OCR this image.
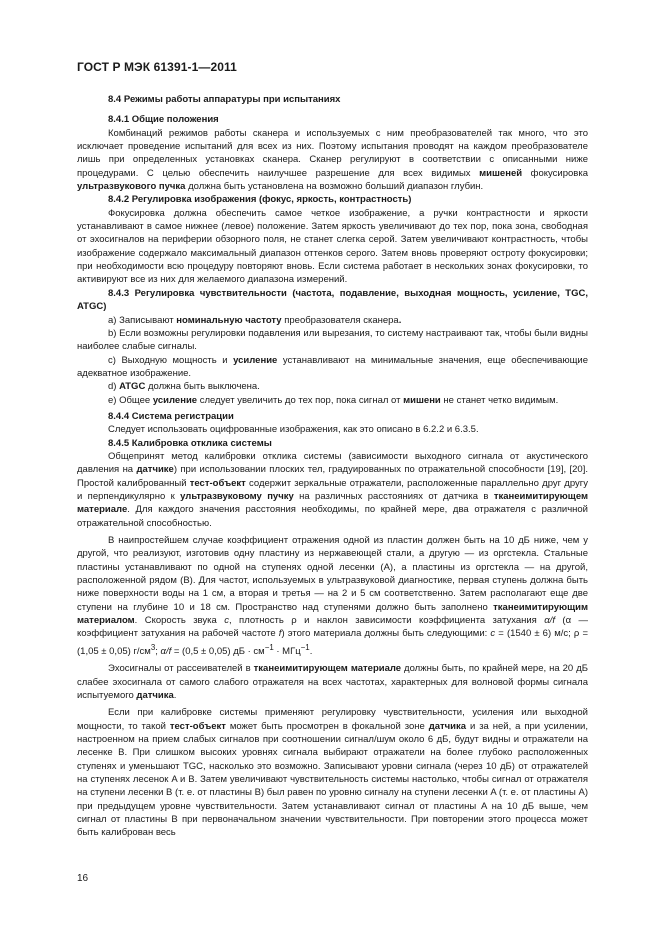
ГОСТ Р МЭК 61391-1—2011

8.4 Режимы работы аппаратуры при испытаниях

8.4.1 Общие положения

Комбинаций режимов работы сканера и используемых с ним преобразователей так много, что это исключает проведение испытаний для всех из них. Поэтому испытания проводят на каждом преобразователе лишь при определенных установках сканера. Сканер регулируют в соответствии с описанными ниже процедурами. С целью обеспечить наилучшее разрешение для всех видимых мишеней фокусировка ультразвукового пучка должна быть установлена на возможно больший диапазон глубин.

8.4.2 Регулировка изображения (фокус, яркость, контрастность)

Фокусировка должна обеспечить самое четкое изображение, а ручки контрастности и яркости устанавливают в самое нижнее (левое) положение. Затем яркость увеличивают до тех пор, пока зона, свободная от эхосигналов на периферии обзорного поля, не станет слегка серой. Затем увеличивают контрастность, чтобы изображение содержало максимальный диапазон оттенков серого. Затем вновь проверяют остроту фокусировки; при необходимости всю процедуру повторяют вновь. Если система работает в нескольких зонах фокусировки, то активируют все из них для желаемого диапазона измерений.

8.4.3 Регулировка чувствительности (частота, подавление, выходная мощность, усиление, TGC, ATGC)

a) Записывают номинальную частоту преобразователя сканера.

b) Если возможны регулировки подавления или вырезания, то систему настраивают так, чтобы были видны наиболее слабые сигналы.

c) Выходную мощность и усиление устанавливают на минимальные значения, еще обеспечивающие адекватное изображение.

d) ATGC должна быть выключена.

e) Общее усиление следует увеличить до тех пор, пока сигнал от мишени не станет четко видимым.

8.4.4 Система регистрации

Следует использовать оцифрованные изображения, как это описано в 6.2.2 и 6.3.5.

8.4.5 Калибровка отклика системы

Общепринят метод калибровки отклика системы (зависимости выходного сигнала от акустического давления на датчике) при использовании плоских тел, градуированных по отражательной способности [19], [20]. Простой калиброванный тест-объект содержит зеркальные отражатели, расположенные параллельно друг другу и перпендикулярно к ультразвуковому пучку на различных расстояниях от датчика в тканеимитирующем материале. Для каждого значения расстояния необходимы, по крайней мере, два отражателя с различной отражательной способностью.

В наипростейшем случае коэффициент отражения одной из пластин должен быть на 10 дБ ниже, чем у другой, что реализуют, изготовив одну пластину из нержавеющей стали, а другую — из оргстекла. Стальные пластины устанавливают по одной на ступенях одной лесенки (A), а пластины из оргстекла — на другой, расположенной рядом (B). Для частот, используемых в ультразвуковой диагностике, первая ступень должна быть ниже поверхности воды на 1 см, а вторая и третья — на 2 и 5 см соответственно. Затем располагают еще две ступени на глубине 10 и 18 см. Пространство над ступенями должно быть заполнено тканеимитирующим материалом. Скорость звука c, плотность ρ и наклон зависимости коэффициента затухания α/f (α — коэффициент затухания на рабочей частоте f) этого материала должны быть следующими: c = (1540 ± 6) м/с; ρ = (1,05 ± 0,05) $г/см^3$; α/f = (0,5 ± 0,05) дБ · $см^{-1} \cdot МГц^{-1}$.

Эхосигналы от рассеивателей в тканеимитирующем материале должны быть, по крайней мере, на 20 дБ слабее эхосигнала от самого слабого отражателя на всех частотах, характерных для волновой формы сигнала испытуемого датчика.

Если при калибровке системы применяют регулировку чувствительности, усиления или выходной мощности, то такой тест-объект может быть просмотрен в фокальной зоне датчика и за ней, а при усилении, настроенном на прием слабых сигналов при соотношении сигнал/шум около 6 дБ, будут видны и отражатели на лесенке B. При слишком высоких уровнях сигнала выбирают отражатели на более глубоко расположенных ступенях и уменьшают TGC, насколько это возможно. Записывают уровни сигнала (через 10 дБ) от отражателей на ступенях лесенок A и B. Затем увеличивают чувствительность системы настолько, чтобы сигнал от отражателя на ступени лесенки B (т. е. от пластины B) был равен по уровню сигналу на ступени лесенки A (т. е. от пластины A) при предыдущем уровне чувствительности. Затем устанавливают сигнал от пластины A на 10 дБ выше, чем сигнал от пластины B при первоначальном значении чувствительности. При повторении этого процесса может быть калиброван весь

16
